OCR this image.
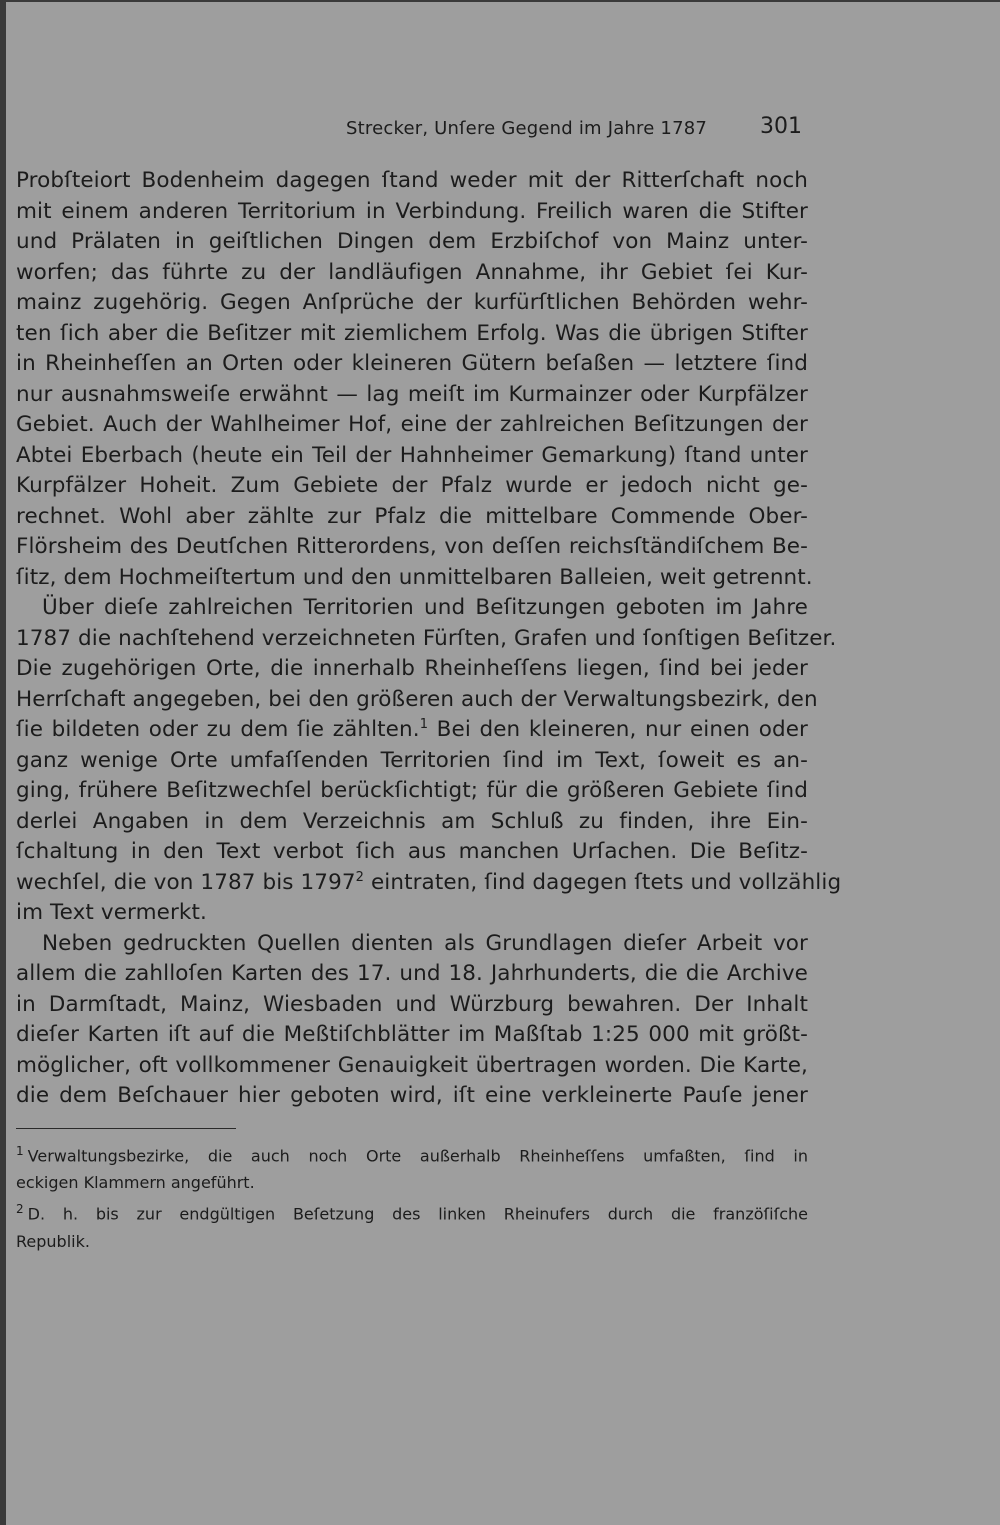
Strecker, Unſere Gegend im Jahre 1787 301
Probſteiort Bodenheim dagegen ſtand weder mit der Ritterſchaft noch
mit einem anderen Territorium in Verbindung. Freilich waren die Stifter
und Prälaten in geiſtlichen Dingen dem Erzbiſchof von Mainz unter-
worfen; das führte zu der landläufigen Annahme, ihr Gebiet ſei Kur-
mainz zugehörig. Gegen Anſprüche der kurfürſtlichen Behörden wehr-
ten ſich aber die Beſitzer mit ziemlichem Erfolg. Was die übrigen Stifter
in Rheinheſſen an Orten oder kleineren Gütern beſaßen — letztere ſind
nur ausnahmsweiſe erwähnt — lag meiſt im Kurmainzer oder Kurpfälzer
Gebiet. Auch der Wahlheimer Hof, eine der zahlreichen Beſitzungen der
Abtei Eberbach (heute ein Teil der Hahnheimer Gemarkung) ſtand unter
Kurpfälzer Hoheit. Zum Gebiete der Pfalz wurde er jedoch nicht ge-
rechnet. Wohl aber zählte zur Pfalz die mittelbare Commende Ober-
Flörsheim des Deutſchen Ritterordens, von deſſen reichsſtändiſchem Be-
ſitz, dem Hochmeiſtertum und den unmittelbaren Balleien, weit getrennt.
Über dieſe zahlreichen Territorien und Beſitzungen geboten im Jahre
1787 die nachſtehend verzeichneten Fürſten, Grafen und ſonſtigen Beſitzer.
Die zugehörigen Orte, die innerhalb Rheinheſſens liegen, ſind bei jeder
Herrſchaft angegeben, bei den größeren auch der Verwaltungsbezirk, den
ſie bildeten oder zu dem ſie zählten.$^1$ Bei den kleineren, nur einen oder
ganz wenige Orte umfaſſenden Territorien ſind im Text, ſoweit es an-
ging, frühere Beſitzwechſel berückſichtigt; für die größeren Gebiete ſind
derlei Angaben in dem Verzeichnis am Schluß zu finden, ihre Ein-
ſchaltung in den Text verbot ſich aus manchen Urſachen. Die Beſitz-
wechſel, die von 1787 bis 1797$^2$ eintraten, ſind dagegen ſtets und vollzählig
im Text vermerkt.
Neben gedruckten Quellen dienten als Grundlagen dieſer Arbeit vor
allem die zahlloſen Karten des 17. und 18. Jahrhunderts, die die Archive
in Darmſtadt, Mainz, Wiesbaden und Würzburg bewahren. Der Inhalt
dieſer Karten iſt auf die Meßtiſchblätter im Maßſtab 1:25 000 mit größt-
möglicher, oft vollkommener Genauigkeit übertragen worden. Die Karte,
die dem Beſchauer hier geboten wird, iſt eine verkleinerte Pauſe jener

$^1$ Verwaltungsbezirke, die auch noch Orte außerhalb Rheinheſſens umfaßten, ſind in
eckigen Klammern angeführt.

$^2$ D. h. bis zur endgültigen Beſetzung des linken Rheinufers durch die franzöſiſche
Republik.
